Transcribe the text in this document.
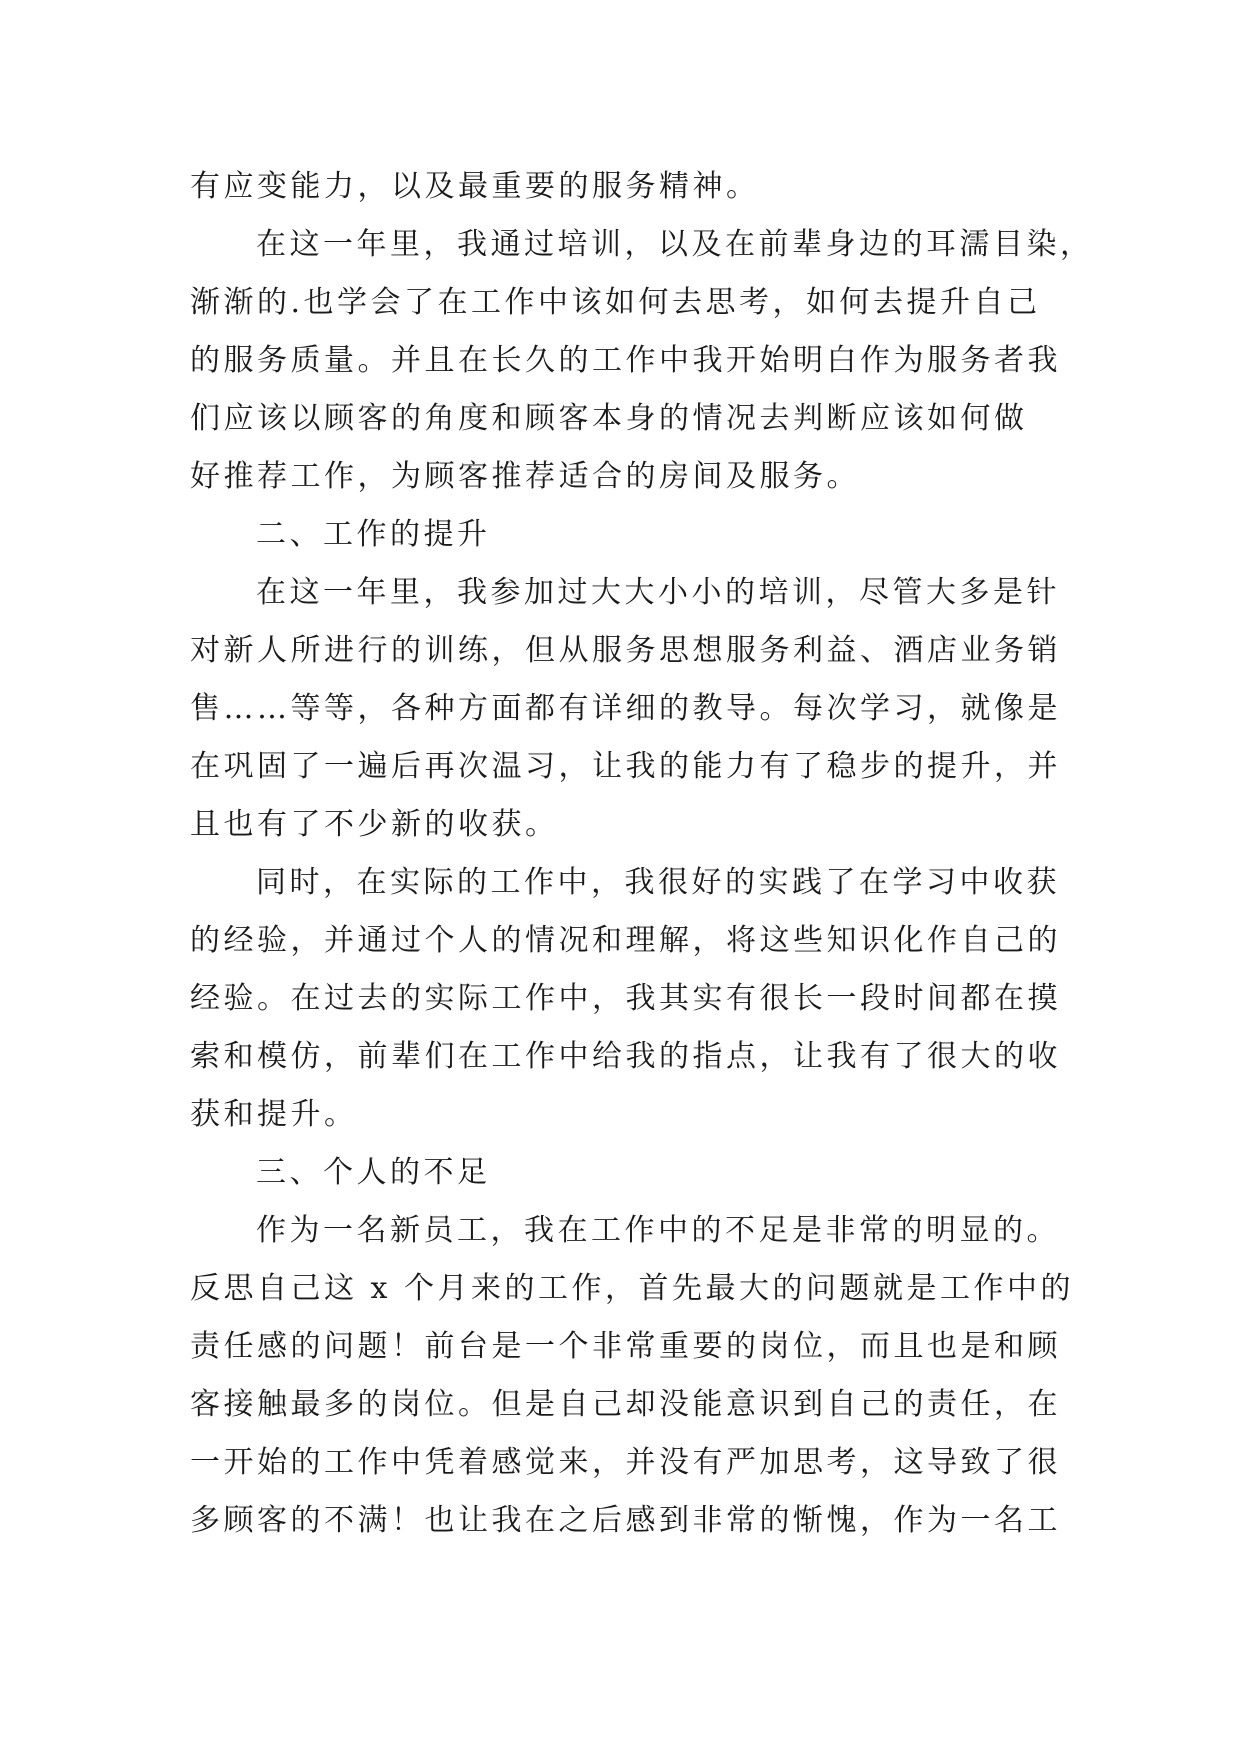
有应变能力，以及最重要的服务精神。
在这一年里，我通过培训，以及在前辈身边的耳濡目染，
渐渐的.也学会了在工作中该如何去思考，如何去提升自己
的服务质量。并且在长久的工作中我开始明白作为服务者我
们应该以顾客的角度和顾客本身的情况去判断应该如何做
好推荐工作，为顾客推荐适合的房间及服务。
二、工作的提升
在这一年里，我参加过大大小小的培训，尽管大多是针
对新人所进行的训练，但从服务思想服务利益、酒店业务销
售……等等，各种方面都有详细的教导。每次学习，就像是
在巩固了一遍后再次温习，让我的能力有了稳步的提升，并
且也有了不少新的收获。
同时，在实际的工作中，我很好的实践了在学习中收获
的经验，并通过个人的情况和理解，将这些知识化作自己的
经验。在过去的实际工作中，我其实有很长一段时间都在摸
索和模仿，前辈们在工作中给我的指点，让我有了很大的收
获和提升。
三、个人的不足
作为一名新员工，我在工作中的不足是非常的明显的。
反思自己这 x 个月来的工作，首先最大的问题就是工作中的
责任感的问题！前台是一个非常重要的岗位，而且也是和顾
客接触最多的岗位。但是自己却没能意识到自己的责任，在
一开始的工作中凭着感觉来，并没有严加思考，这导致了很
多顾客的不满！也让我在之后感到非常的惭愧，作为一名工
